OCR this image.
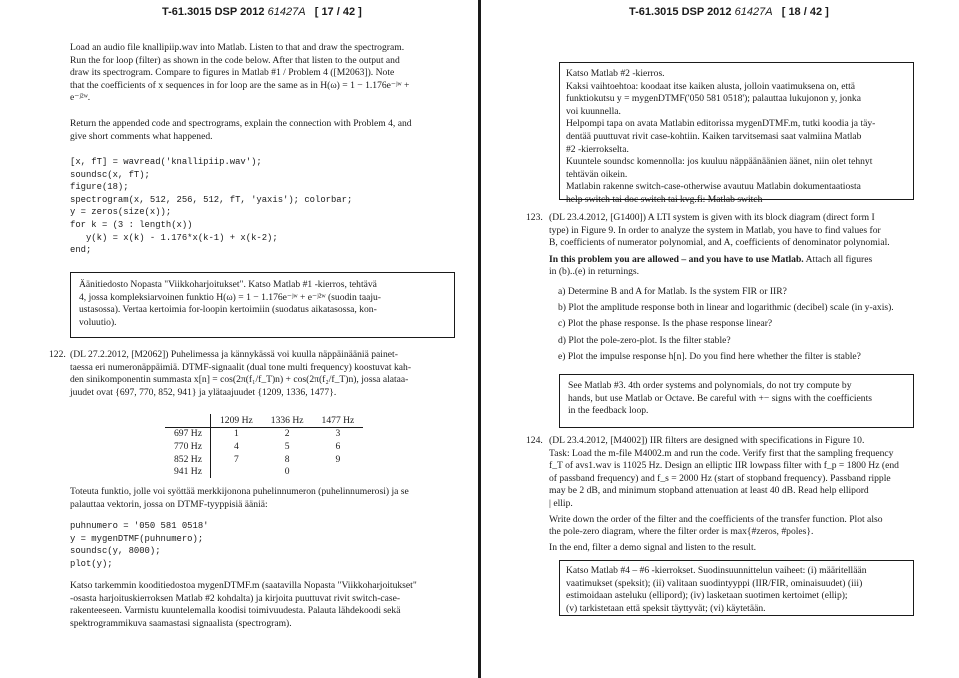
T-61.3015 DSP 2012 61427A [ 17 / 42 ]

Load an audio file knallipiip.wav into Matlab. Listen to that and draw the spectrogram.

Run the for loop (filter) as shown in the code below. After that listen to the output and

draw its spectrogram. Compare to figures in Matlab #1 / Problem 4 ([M2063]). Note

that the coefficients of x sequences in for loop are the same as in H(ω) = 1 − 1.176e⁻ʲʷ +

e⁻ʲ²ʷ.

Return the appended code and spectrograms, explain the connection with Problem 4, and

give short comments what happened.

[x, fT] = wavread('knallipiip.wav');
soundsc(x, fT);
figure(18);
spectrogram(x, 512, 256, 512, fT, 'yaxis'); colorbar;
y = zeros(size(x));
for k = (3 : length(x))
y(k) = x(k) - 1.176*x(k-1) + x(k-2);
end;

Äänitiedosto Nopasta "Viikkoharjoitukset". Katso Matlab #1 -kierros, tehtävä

4, jossa kompleksiarvoinen funktio H(ω) = 1 − 1.176e⁻ʲʷ + e⁻ʲ²ʷ (suodin taaju-

ustasossa). Vertaa kertoimia for-loopin kertoimiin (suodatus aikatasossa, kon-

voluutio).

122. (DL 27.2.2012, [M2062]) Puhelimessa ja kännykässä voi kuulla näppäinääniä painet-

taessa eri numeronäppäimiä. DTMF-signaalit (dual tone multi frequency) koostuvat kah-

den sinikomponentin summasta x[n] = cos(2π(f₁/f_T)n) + cos(2π(f₂/f_T)n), jossa alataa-

juudet ovat {697, 770, 852, 941} ja ylätaajuudet {1209, 1336, 1477}.

	1209 Hz	1336 Hz	1477 Hz
697 Hz	1	2	3
770 Hz	4	5	6
852 Hz	7	8	9
941 Hz		0	

Toteuta funktio, jolle voi syöttää merkkijonona puhelinnumeron (puhelinnumerosi) ja se

palauttaa vektorin, jossa on DTMF-tyyppisiä ääniä:

puhnumero = '050 581 0518'
y = mygenDTMF(puhnumero);
soundsc(y, 8000);
plot(y);

Katso tarkemmin kooditiedostoa mygenDTMF.m (saatavilla Nopasta "Viikkoharjoitukset"

-osasta harjoituskierroksen Matlab #2 kohdalta) ja kirjoita puuttuvat rivit switch-case-

rakenteeseen. Varmistu kuuntelemalla koodisi toimivuudesta. Palauta lähdekoodi sekä

spektrogrammikuva saamastasi signaalista (spectrogram).

T-61.3015 DSP 2012 61427A [ 18 / 42 ]

Katso Matlab #2 -kierros.

Kaksi vaihtoehtoa: koodaat itse kaiken alusta, jolloin vaatimuksena on, että

funktiokutsu y = mygenDTMF('050 581 0518'); palauttaa lukujonon y, jonka

voi kuunnella.

Helpompi tapa on avata Matlabin editorissa mygenDTMF.m, tutki koodia ja täy-

dentää puuttuvat rivit case-kohtiin. Kaiken tarvitsemasi saat valmiina Matlab

#2 -kierrokselta.

Kuuntele soundsc komennolla: jos kuuluu näppäänäänien äänet, niin olet tehnyt

tehtävän oikein.

Matlabin rakenne switch-case-otherwise avautuu Matlabin dokumentaatiosta

help switch tai doc switch tai kvg.fi: Matlab switch

123. (DL 23.4.2012, [G1400]) A LTI system is given with its block diagram (direct form I

type) in Figure 9. In order to analyze the system in Matlab, you have to find values for

B, coefficients of numerator polynomial, and A, coefficients of denominator polynomial.

In this problem you are allowed – and you have to use Matlab. Attach all figures

in (b)..(e) in returnings.

a) Determine B and A for Matlab. Is the system FIR or IIR?
b) Plot the amplitude response both in linear and logarithmic (decibel) scale (in y-axis).
c) Plot the phase response. Is the phase response linear?
d) Plot the pole-zero-plot. Is the filter stable?
e) Plot the impulse response h[n]. Do you find here whether the filter is stable?

See Matlab #3. 4th order systems and polynomials, do not try compute by

hands, but use Matlab or Octave. Be careful with +− signs with the coefficients

in the feedback loop.

124. (DL 23.4.2012, [M4002]) IIR filters are designed with specifications in Figure 10.

Task: Load the m-file M4002.m and run the code. Verify first that the sampling frequency

f_T of avs1.wav is 11025 Hz. Design an elliptic IIR lowpass filter with f_p = 1800 Hz (end

of passband frequency) and f_s = 2000 Hz (start of stopband frequency). Passband ripple

may be 2 dB, and minimum stopband attenuation at least 40 dB. Read help ellipord

| ellip.

Write down the order of the filter and the coefficients of the transfer function. Plot also

the pole-zero diagram, where the filter order is max{#zeros, #poles}.

In the end, filter a demo signal and listen to the result.

Katso Matlab #4 – #6 -kierrokset. Suodinsuunnittelun vaiheet: (i) määritellään

vaatimukset (speksit); (ii) valitaan suodintyyppi (IIR/FIR, ominaisuudet) (iii)

estimoidaan asteluku (ellipord); (iv) lasketaan suotimen kertoimet (ellip);

(v) tarkistetaan että speksit täyttyvät; (vi) käytetään.
